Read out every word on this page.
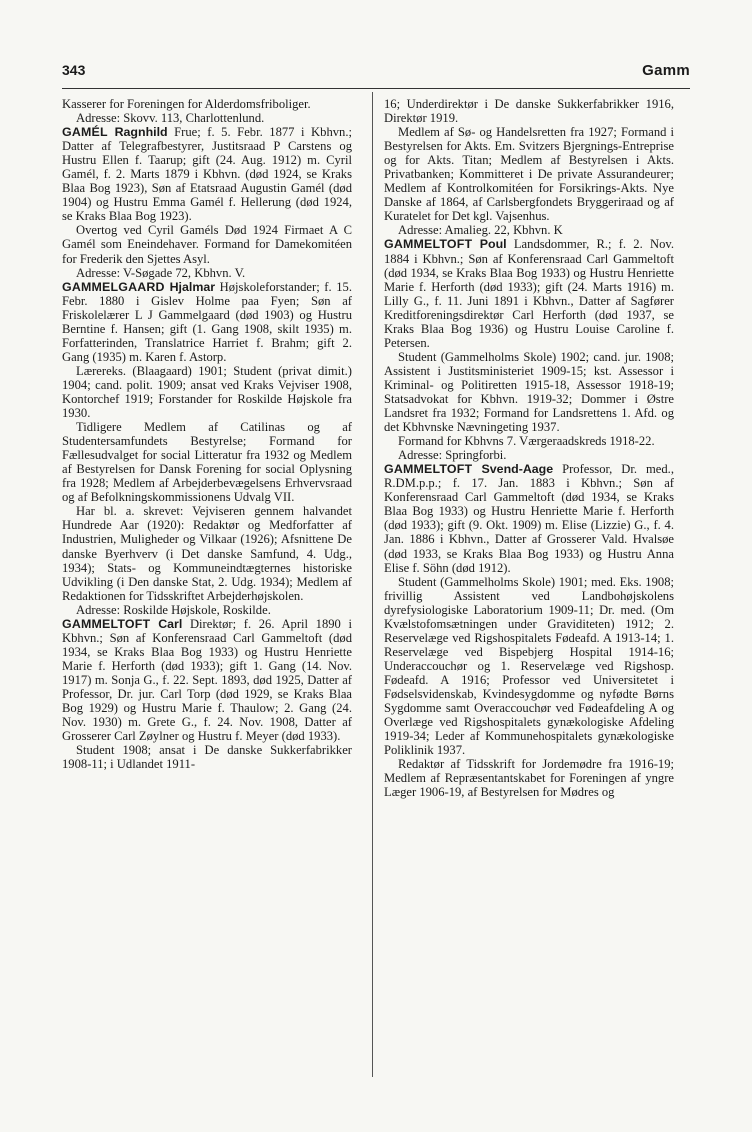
343	Gamm

Kasserer for Foreningen for Alderdomsfriboliger.

Adresse: Skovv. 113, Charlottenlund.

GAMÉL Ragnhild Frue; f. 5. Febr. 1877 i Kbhvn.; Datter af Telegrafbestyrer, Justitsraad P Carstens og Hustru Ellen f. Taarup; gift (24. Aug. 1912) m. Cyril Gamél, f. 2. Marts 1879 i Kbhvn. (død 1924, se Kraks Blaa Bog 1923), Søn af Etatsraad Augustin Gamél (død 1904) og Hustru Emma Gamél f. Hellerung (død 1924, se Kraks Blaa Bog 1923).

Overtog ved Cyril Gaméls Død 1924 Firmaet A C Gamél som Eneindehaver. Formand for Damekomitéen for Frederik den Sjettes Asyl.

Adresse: V-Søgade 72, Kbhvn. V.

GAMMELGAARD Hjalmar Højskoleforstander; f. 15. Febr. 1880 i Gislev Holme paa Fyen; Søn af Friskolelærer L J Gammelgaard (død 1903) og Hustru Berntine f. Hansen; gift (1. Gang 1908, skilt 1935) m. Forfatterinden, Translatrice Harriet f. Brahm; gift 2. Gang (1935) m. Karen f. Astorp.

Lærereks. (Blaagaard) 1901; Student (privat dimit.) 1904; cand. polit. 1909; ansat ved Kraks Vejviser 1908, Kontorchef 1919; Forstander for Roskilde Højskole fra 1930.

Tidligere Medlem af Catilinas og af Studentersamfundets Bestyrelse; Formand for Fællesudvalget for social Litteratur fra 1932 og Medlem af Bestyrelsen for Dansk Forening for social Oplysning fra 1928; Medlem af Arbejderbevægelsens Erhvervsraad og af Befolkningskommissionens Udvalg VII.

Har bl. a. skrevet: Vejviseren gennem halvandet Hundrede Aar (1920): Redaktør og Medforfatter af Industrien, Muligheder og Vilkaar (1926); Afsnittene De danske Byerhverv (i Det danske Samfund, 4. Udg., 1934); Stats- og Kommuneindtægternes historiske Udvikling (i Den danske Stat, 2. Udg. 1934); Medlem af Redaktionen for Tidsskriftet Arbejderhøjskolen.

Adresse: Roskilde Højskole, Roskilde.

GAMMELTOFT Carl Direktør; f. 26. April 1890 i Kbhvn.; Søn af Konferensraad Carl Gammeltoft (død 1934, se Kraks Blaa Bog 1933) og Hustru Henriette Marie f. Herforth (død 1933); gift 1. Gang (14. Nov. 1917) m. Sonja G., f. 22. Sept. 1893, død 1925, Datter af Professor, Dr. jur. Carl Torp (død 1929, se Kraks Blaa Bog 1929) og Hustru Marie f. Thaulow; 2. Gang (24. Nov. 1930) m. Grete G., f. 24. Nov. 1908, Datter af Grosserer Carl Zøylner og Hustru f. Meyer (død 1933).

Student 1908; ansat i De danske Sukkerfabrikker 1908-11; i Udlandet 1911-

16; Underdirektør i De danske Sukkerfabrikker 1916, Direktør 1919.

Medlem af Sø- og Handelsretten fra 1927; Formand i Bestyrelsen for Akts. Em. Svitzers Bjergnings-Entreprise og for Akts. Titan; Medlem af Bestyrelsen i Akts. Privatbanken; Kommitteret i De private Assurandeurer; Medlem af Kontrolkomitéen for Forsikrings-Akts. Nye Danske af 1864, af Carlsbergfondets Bryggeriraad og af Kuratelet for Det kgl. Vajsenhus.

Adresse: Amalieg. 22, Kbhvn. K

GAMMELTOFT Poul Landsdommer, R.; f. 2. Nov. 1884 i Kbhvn.; Søn af Konferensraad Carl Gammeltoft (død 1934, se Kraks Blaa Bog 1933) og Hustru Henriette Marie f. Herforth (død 1933); gift (24. Marts 1916) m. Lilly G., f. 11. Juni 1891 i Kbhvn., Datter af Sagfører Kreditforeningsdirektør Carl Herforth (død 1937, se Kraks Blaa Bog 1936) og Hustru Louise Caroline f. Petersen.

Student (Gammelholms Skole) 1902; cand. jur. 1908; Assistent i Justitsministeriet 1909-15; kst. Assessor i Kriminal- og Politiretten 1915-18, Assessor 1918-19; Statsadvokat for Kbhvn. 1919-32; Dommer i Østre Landsret fra 1932; Formand for Landsrettens 1. Afd. og det Kbhvnske Nævningeting 1937.

Formand for Kbhvns 7. Værgeraadskreds 1918-22.

Adresse: Springforbi.

GAMMELTOFT Svend-Aage Professor, Dr. med., R.DM.p.p.; f. 17. Jan. 1883 i Kbhvn.; Søn af Konferensraad Carl Gammeltoft (død 1934, se Kraks Blaa Bog 1933) og Hustru Henriette Marie f. Herforth (død 1933); gift (9. Okt. 1909) m. Elise (Lizzie) G., f. 4. Jan. 1886 i Kbhvn., Datter af Grosserer Vald. Hvalsøe (død 1933, se Kraks Blaa Bog 1933) og Hustru Anna Elise f. Söhn (død 1912).

Student (Gammelholms Skole) 1901; med. Eks. 1908; frivillig Assistent ved Landbohøjskolens dyrefysiologiske Laboratorium 1909-11; Dr. med. (Om Kvælstofomsætningen under Graviditeten) 1912; 2. Reservelæge ved Rigshospitalets Fødeafd. A 1913-14; 1. Reservelæge ved Bispebjerg Hospital 1914-16; Underaccouchør og 1. Reservelæge ved Rigshosp. Fødeafd. A 1916; Professor ved Universitetet i Fødselsvidenskab, Kvindesygdomme og nyfødte Børns Sygdomme samt Overaccouchør ved Fødeafdeling A og Overlæge ved Rigshospitalets gynækologiske Afdeling 1919-34; Leder af Kommunehospitalets gynækologiske Poliklinik 1937.

Redaktør af Tidsskrift for Jordemødre fra 1916-19; Medlem af Repræsentantskabet for Foreningen af yngre Læger 1906-19, af Bestyrelsen for Mødres og
